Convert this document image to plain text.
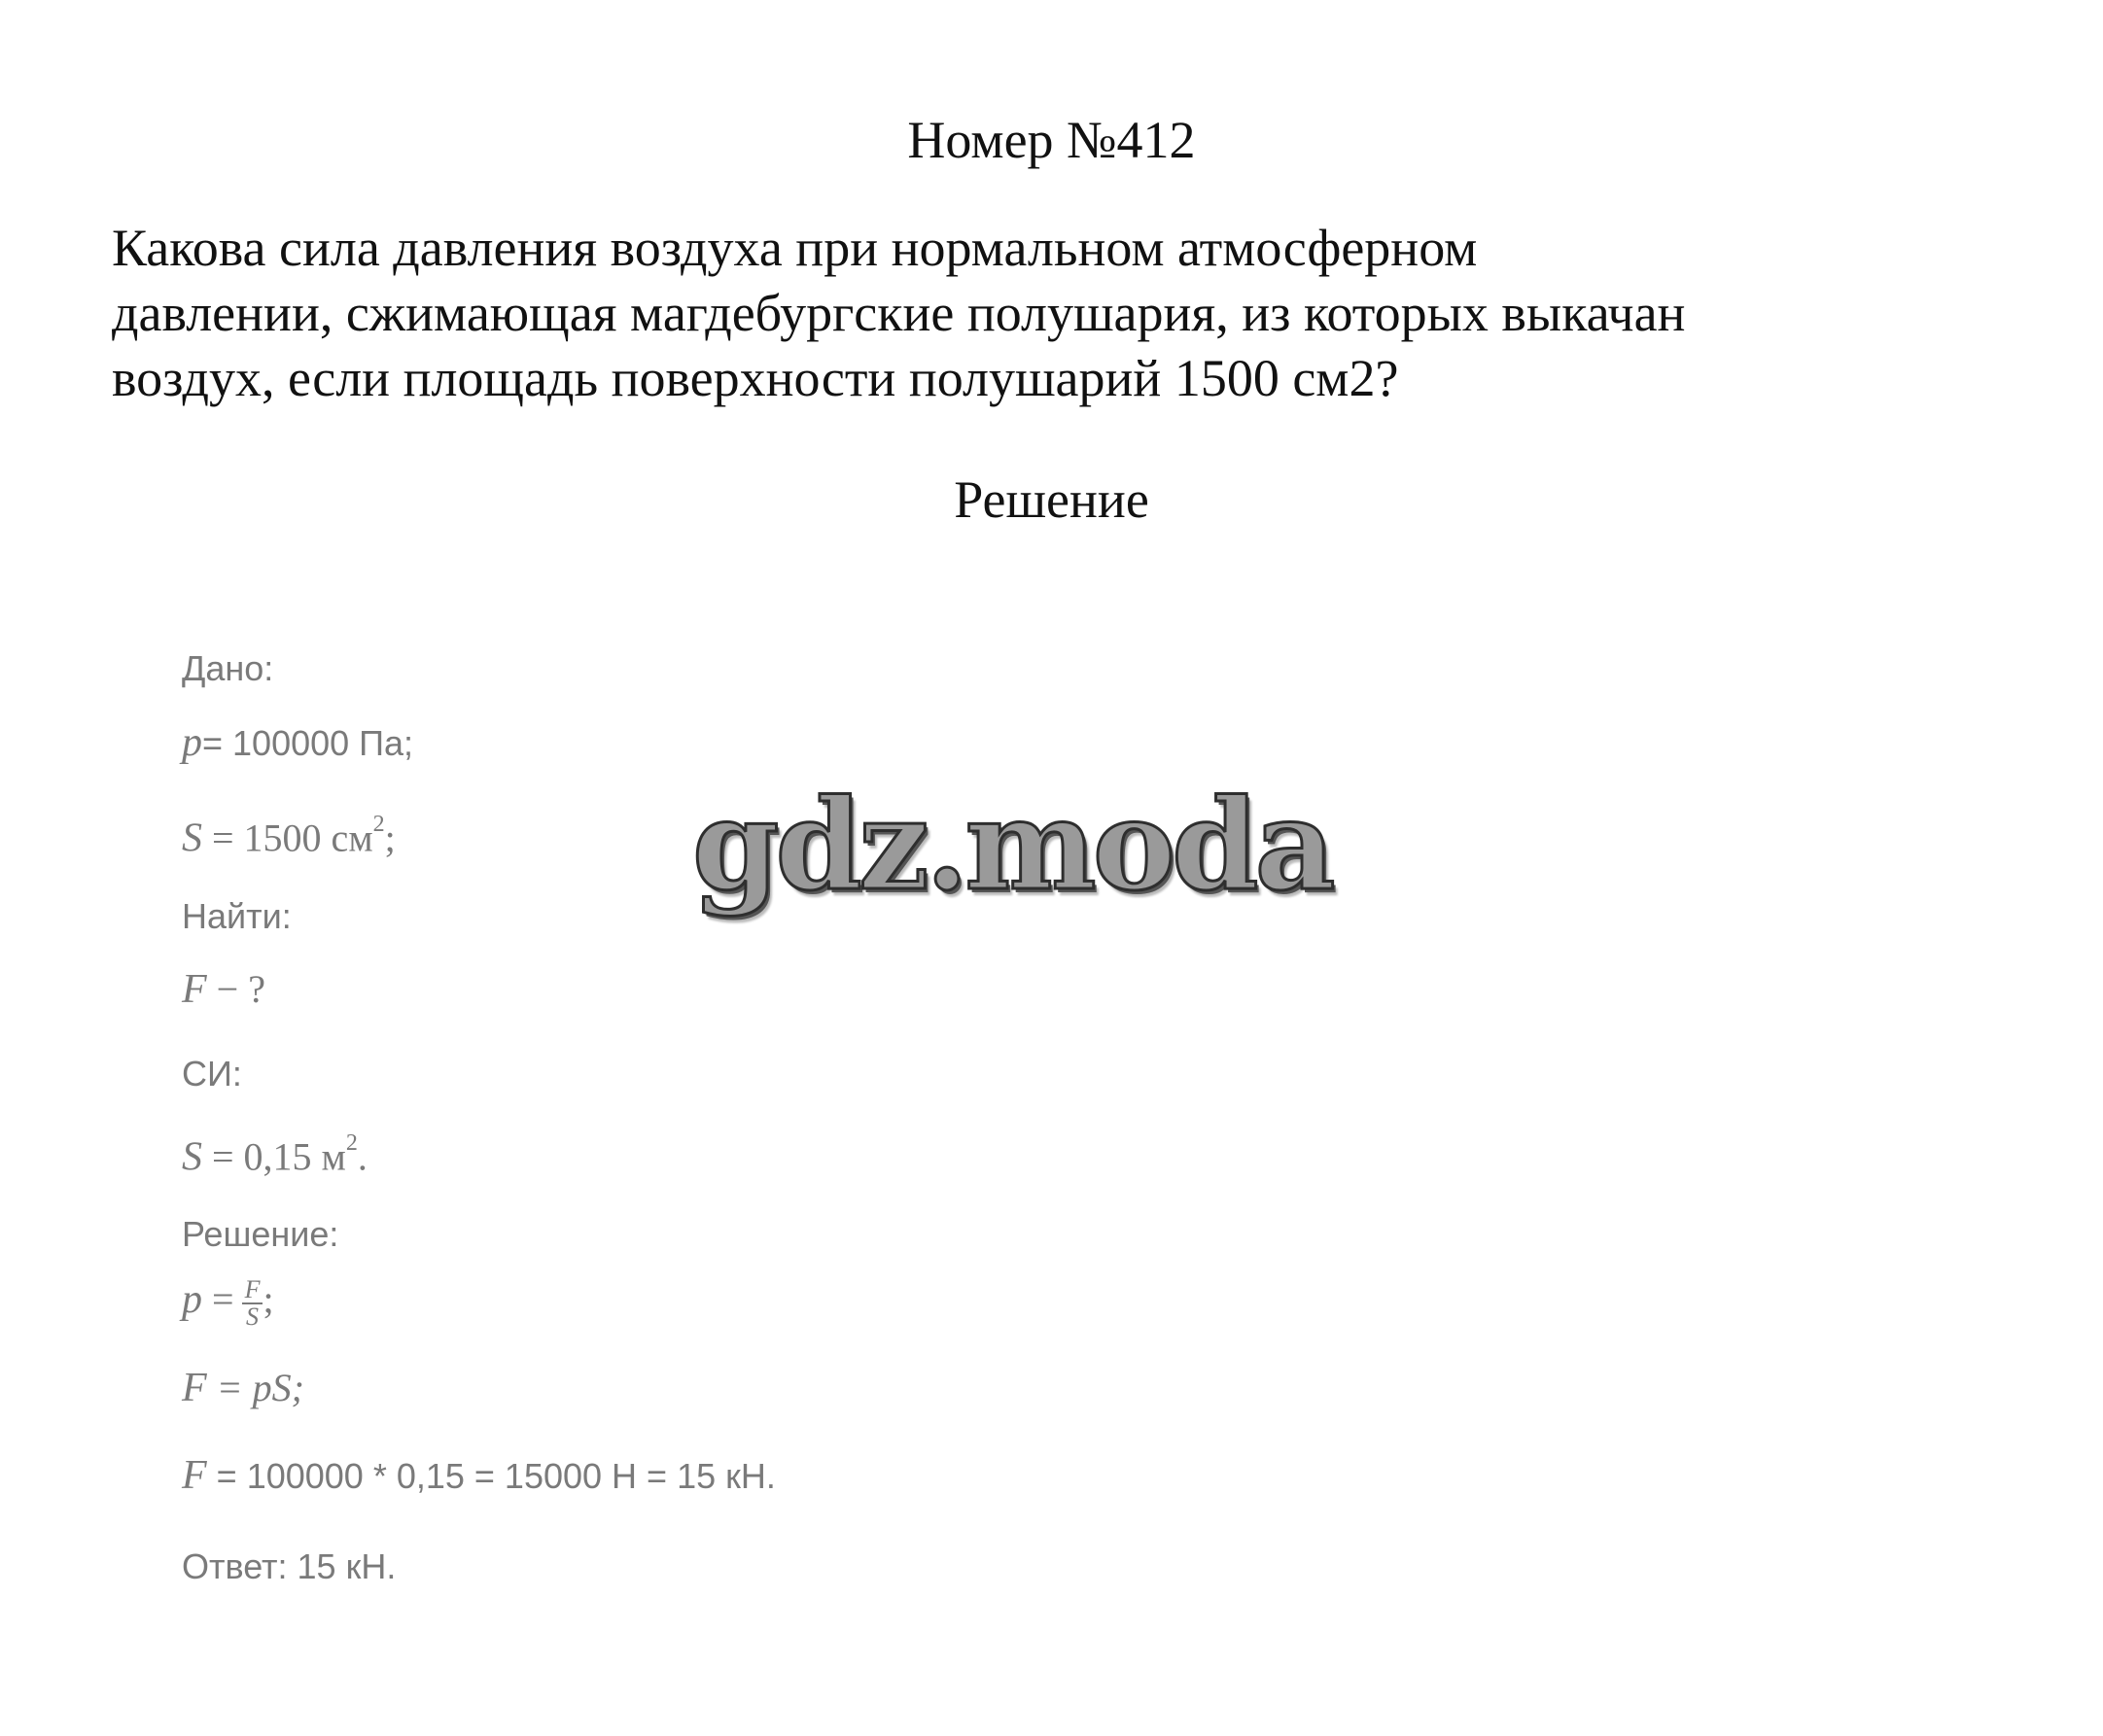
Номер №412
Какова сила давления воздуха при нормальном атмосферном
давлении, сжимающая магдебургские полушария, из которых выкачан
воздух, если площадь поверхности полушарий 1500 см2?
Решение
Дано:
p= 100000 Па;
S = 1500 $см^2$;
Найти:
F − ?
СИ:
S = 0,15 $м^2$.
Решение:
$p = \frac{F}{S}$ ;
F = pS;
F = 100000 * 0,15 = 15000 Н = 15 кН.
Ответ: 15 кН.
gdz.moda
